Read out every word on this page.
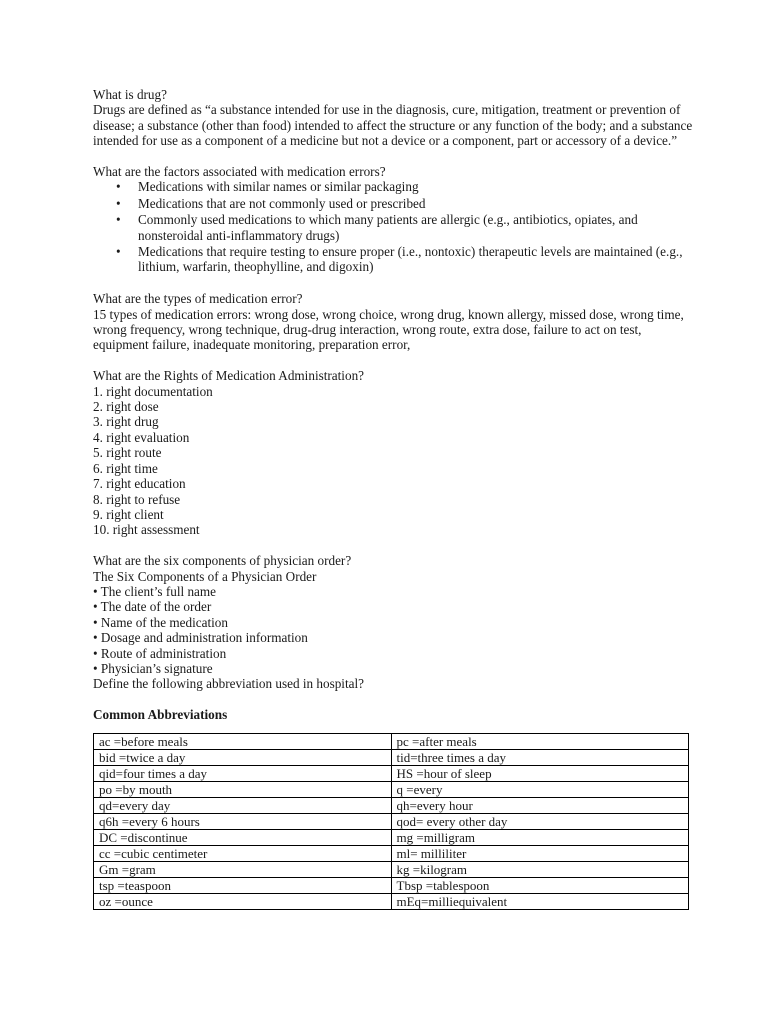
What is drug?

Drugs are defined as “a substance intended for use in the diagnosis, cure, mitigation, treatment or prevention of disease; a substance (other than food) intended to affect the structure or any function of the body; and a substance intended for use as a component of a medicine but not a device or a component, part or accessory of a device.”

What are the factors associated with medication errors?

• Medications with similar names or similar packaging
• Medications that are not commonly used or prescribed
• Commonly used medications to which many patients are allergic (e.g., antibiotics, opiates, and nonsteroidal anti-inflammatory drugs)
• Medications that require testing to ensure proper (i.e., nontoxic) therapeutic levels are maintained (e.g., lithium, warfarin, theophylline, and digoxin)

What are the types of medication error?

15 types of medication errors: wrong dose, wrong choice, wrong drug, known allergy, missed dose, wrong time, wrong frequency, wrong technique, drug-drug interaction, wrong route, extra dose, failure to act on test, equipment failure, inadequate monitoring, preparation error,

What are the Rights of Medication Administration?

1. right documentation

2. right dose

3. right drug

4. right evaluation

5. right route

6. right time

7. right education

8. right to refuse

9. right client

10. right assessment

What are the six components of physician order?

The Six Components of a Physician Order

• The client’s full name

• The date of the order

• Name of the medication

• Dosage and administration information

• Route of administration

• Physician’s signature

Define the following abbreviation used in hospital?

Common Abbreviations

ac =before meals	pc =after meals
bid =twice a day	tid=three times a day
qid=four times a day	HS =hour of sleep
po =by mouth	q =every
qd=every day	qh=every hour
q6h =every 6 hours	qod= every other day
DC =discontinue	mg =milligram
cc =cubic centimeter	ml= milliliter
Gm =gram	kg =kilogram
tsp =teaspoon	Tbsp =tablespoon
oz =ounce	mEq=milliequivalent
